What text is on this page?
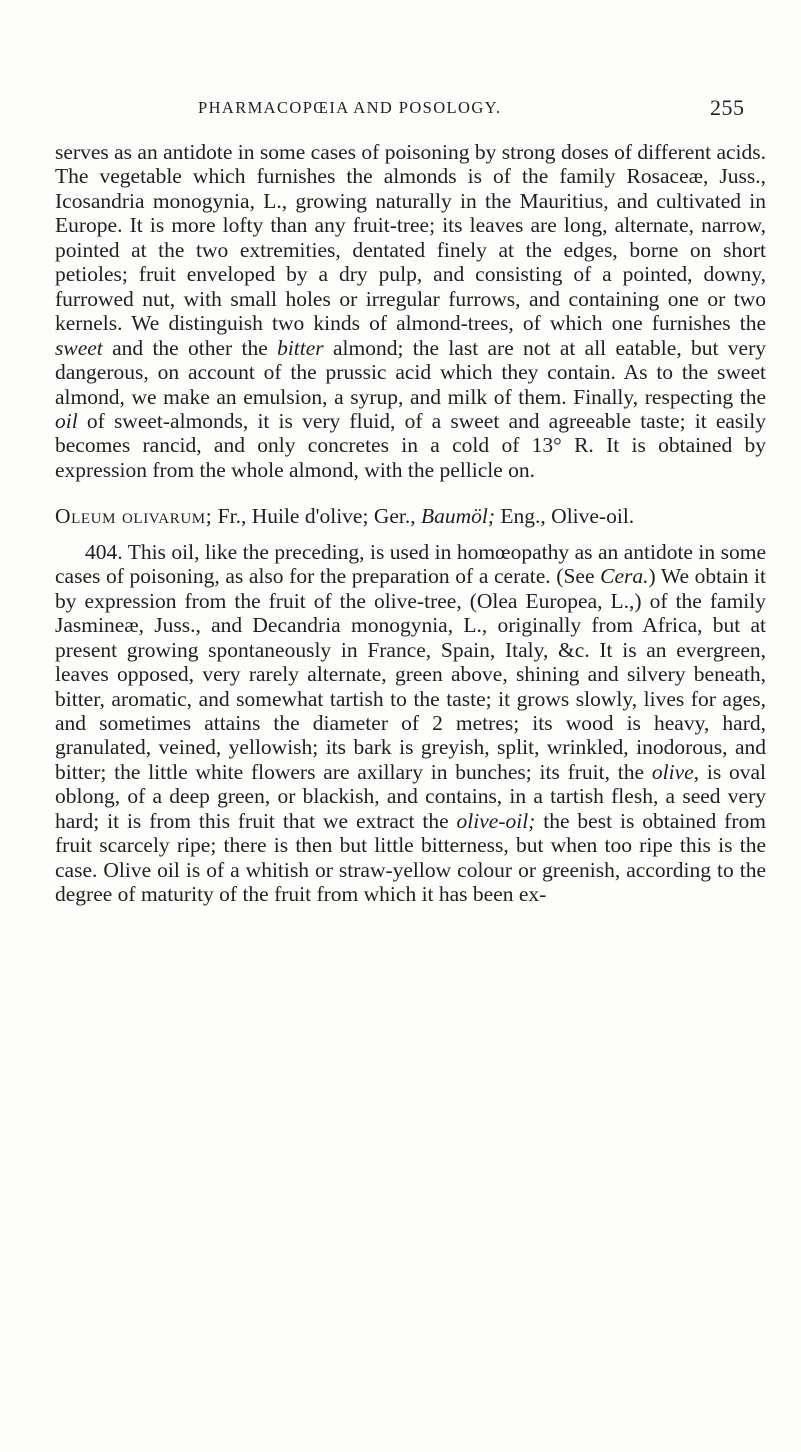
PHARMACOPŒIA AND POSOLOGY.	255

serves as an antidote in some cases of poisoning by strong doses of different acids. The vegetable which furnishes the almonds is of the family Rosaceæ, Juss., Icosandria monogynia, L., growing naturally in the Mauritius, and cultivated in Europe. It is more lofty than any fruit-tree; its leaves are long, alternate, narrow, pointed at the two extremities, dentated finely at the edges, borne on short petioles; fruit enveloped by a dry pulp, and consisting of a pointed, downy, furrowed nut, with small holes or irregular furrows, and containing one or two kernels. We distinguish two kinds of almond-trees, of which one furnishes the sweet and the other the bitter almond; the last are not at all eatable, but very dangerous, on account of the prussic acid which they contain. As to the sweet almond, we make an emulsion, a syrup, and milk of them. Finally, respecting the oil of sweet-almonds, it is very fluid, of a sweet and agreeable taste; it easily becomes rancid, and only concretes in a cold of 13° R. It is obtained by expression from the whole almond, with the pellicle on.

Oleum olivarum; Fr., Huile d'olive; Ger., Baumöl; Eng., Olive-oil.

404. This oil, like the preceding, is used in homœopathy as an antidote in some cases of poisoning, as also for the preparation of a cerate. (See Cera.) We obtain it by expression from the fruit of the olive-tree, (Olea Europea, L.,) of the family Jasmineæ, Juss., and Decandria monogynia, L., originally from Africa, but at present growing spontaneously in France, Spain, Italy, &c. It is an evergreen, leaves opposed, very rarely alternate, green above, shining and silvery beneath, bitter, aromatic, and somewhat tartish to the taste; it grows slowly, lives for ages, and sometimes attains the diameter of 2 metres; its wood is heavy, hard, granulated, veined, yellowish; its bark is greyish, split, wrinkled, inodorous, and bitter; the little white flowers are axillary in bunches; its fruit, the olive, is oval oblong, of a deep green, or blackish, and contains, in a tartish flesh, a seed very hard; it is from this fruit that we extract the olive-oil; the best is obtained from fruit scarcely ripe; there is then but little bitterness, but when too ripe this is the case. Olive oil is of a whitish or straw-yellow colour or greenish, according to the degree of maturity of the fruit from which it has been ex-
